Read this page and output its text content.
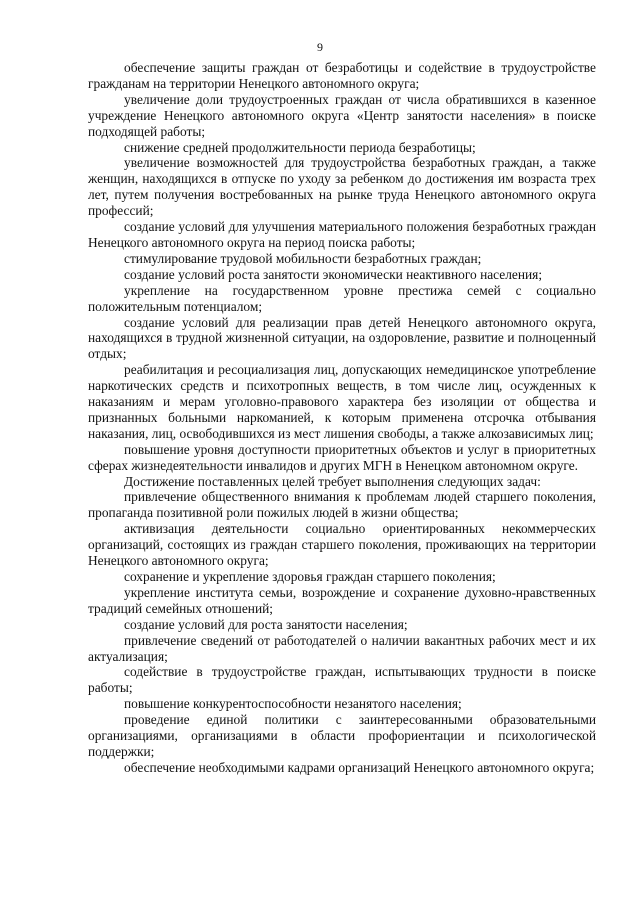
9

обеспечение защиты граждан от безработицы и содействие в трудоустройстве гражданам на территории Ненецкого автономного округа;

увеличение доли трудоустроенных граждан от числа обратившихся в казенное учреждение Ненецкого автономного округа «Центр занятости населения» в поиске подходящей работы;

снижение средней продолжительности периода безработицы;

увеличение возможностей для трудоустройства безработных граждан, а также женщин, находящихся в отпуске по уходу за ребенком до достижения им возраста трех лет, путем получения востребованных на рынке труда Ненецкого автономного округа профессий;

создание условий для улучшения материального положения безработных граждан Ненецкого автономного округа на период поиска работы;

стимулирование трудовой мобильности безработных граждан;

создание условий роста занятости экономически неактивного населения;

укрепление на государственном уровне престижа семей с социально положительным потенциалом;

создание условий для реализации прав детей Ненецкого автономного округа, находящихся в трудной жизненной ситуации, на оздоровление, развитие и полноценный отдых;

реабилитация и ресоциализация лиц, допускающих немедицинское употребление наркотических средств и психотропных веществ, в том числе лиц, осужденных к наказаниям и мерам уголовно-правового характера без изоляции от общества и признанных больными наркоманией, к которым применена отсрочка отбывания наказания, лиц, освободившихся из мест лишения свободы, а также алкозависимых лиц;

повышение уровня доступности приоритетных объектов и услуг в приоритетных сферах жизнедеятельности инвалидов и других МГН в Ненецком автономном округе.

Достижение поставленных целей требует выполнения следующих задач:

привлечение общественного внимания к проблемам людей старшего поколения, пропаганда позитивной роли пожилых людей в жизни общества;

активизация деятельности социально ориентированных некоммерческих организаций, состоящих из граждан старшего поколения, проживающих на территории Ненецкого автономного округа;

сохранение и укрепление здоровья граждан старшего поколения;

укрепление института семьи, возрождение и сохранение духовно-нравственных традиций семейных отношений;

создание условий для роста занятости населения;

привлечение сведений от работодателей о наличии вакантных рабочих мест и их актуализация;

содействие в трудоустройстве граждан, испытывающих трудности в поиске работы;

повышение конкурентоспособности незанятого населения;

проведение единой политики с заинтересованными образовательными организациями, организациями в области профориентации и психологической поддержки;

обеспечение необходимыми кадрами организаций Ненецкого автономного округа;
